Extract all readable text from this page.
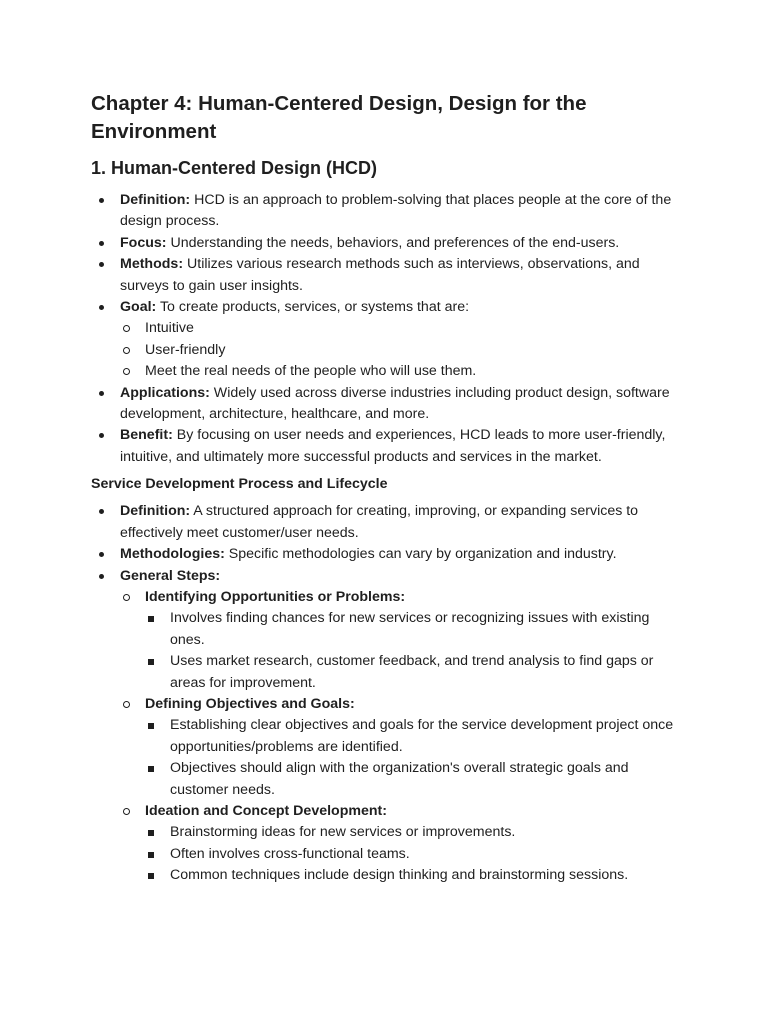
Chapter 4: Human-Centered Design, Design for the Environment
1. Human-Centered Design (HCD)
Definition: HCD is an approach to problem-solving that places people at the core of the design process.
Focus: Understanding the needs, behaviors, and preferences of the end-users.
Methods: Utilizes various research methods such as interviews, observations, and surveys to gain user insights.
Goal: To create products, services, or systems that are:
Intuitive
User-friendly
Meet the real needs of the people who will use them.
Applications: Widely used across diverse industries including product design, software development, architecture, healthcare, and more.
Benefit: By focusing on user needs and experiences, HCD leads to more user-friendly, intuitive, and ultimately more successful products and services in the market.
Service Development Process and Lifecycle
Definition: A structured approach for creating, improving, or expanding services to effectively meet customer/user needs.
Methodologies: Specific methodologies can vary by organization and industry.
General Steps:
Identifying Opportunities or Problems:
Involves finding chances for new services or recognizing issues with existing ones.
Uses market research, customer feedback, and trend analysis to find gaps or areas for improvement.
Defining Objectives and Goals:
Establishing clear objectives and goals for the service development project once opportunities/problems are identified.
Objectives should align with the organization's overall strategic goals and customer needs.
Ideation and Concept Development:
Brainstorming ideas for new services or improvements.
Often involves cross-functional teams.
Common techniques include design thinking and brainstorming sessions.
